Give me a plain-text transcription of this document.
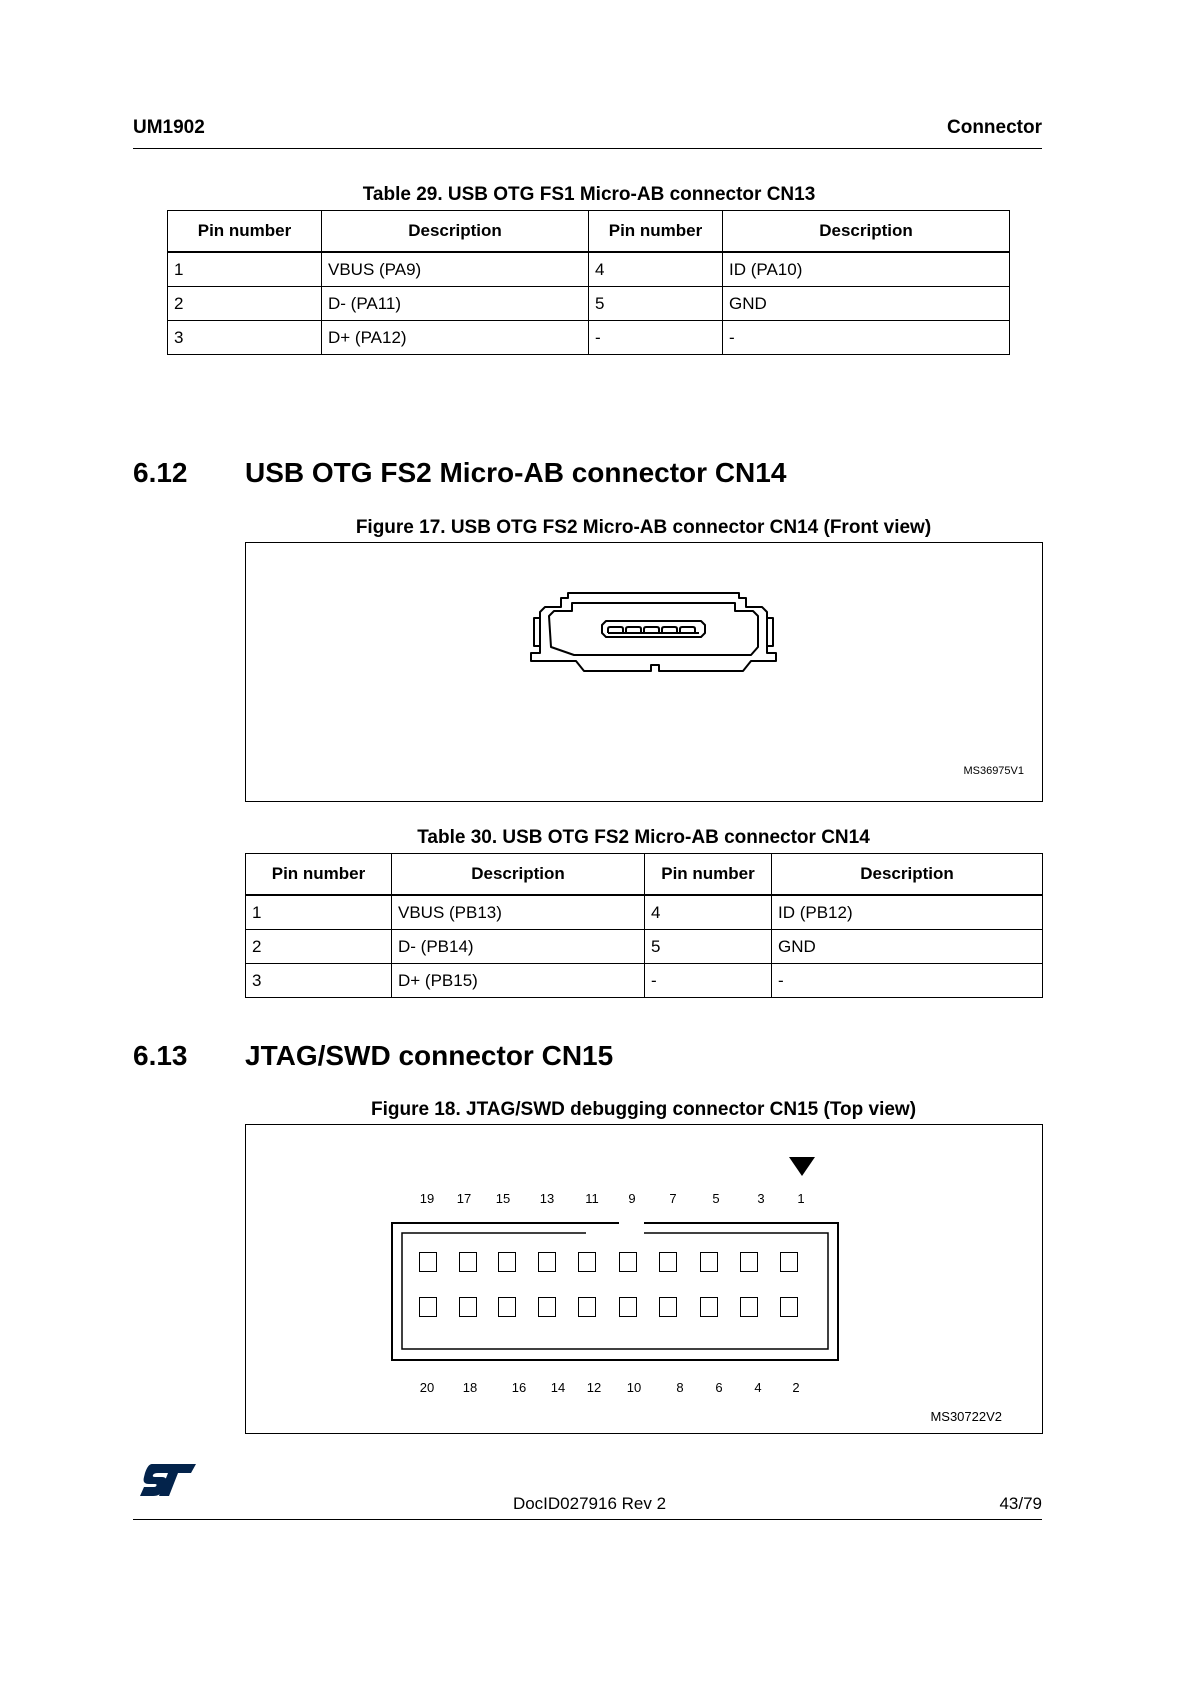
UM1902	Connector
Table 29. USB OTG FS1 Micro-AB connector CN13
Pin number	Description	Pin number	Description
1	VBUS (PA9)	4	ID (PA10)
2	D- (PA11)	5	GND
3	D+ (PA12)	-	-
6.12 USB OTG FS2 Micro-AB connector CN14
Figure 17. USB OTG FS2 Micro-AB connector CN14 (Front view)
MS36975V1
Table 30. USB OTG FS2 Micro-AB connector CN14
Pin number	Description	Pin number	Description
1	VBUS (PB13)	4	ID (PB12)
2	D- (PB14)	5	GND
3	D+ (PB15)	-	-
6.13 JTAG/SWD connector CN15
Figure 18. JTAG/SWD debugging connector CN15 (Top view)
19	17	15	13	11	9	7	5	3	1
20	18	16	14	12	10	8	6	4	2
MS30722V2
ST
DocID027916 Rev 2	43/79
